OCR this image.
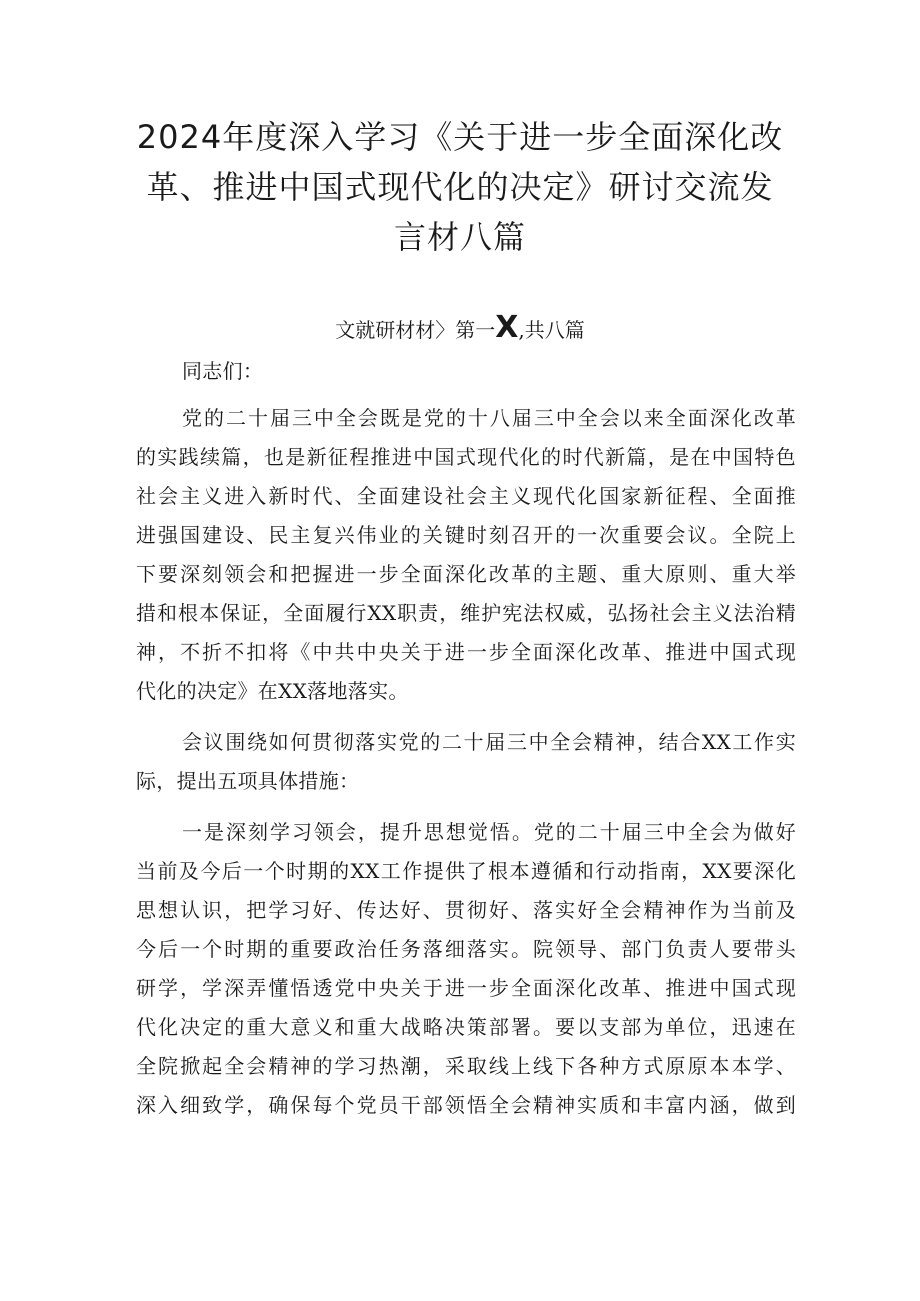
2024年度深入学习《关于进一步全面深化改
革、推进中国式现代化的决定》研讨交流发
言材八篇
文就研材材〉第一X,共八篇
同志们：
党的二十届三中全会既是党的十八届三中全会以来全面深化改革
的实践续篇，也是新征程推进中国式现代化的时代新篇，是在中国特色
社会主义进入新时代、全面建设社会主义现代化国家新征程、全面推
进强国建设、民主复兴伟业的关键时刻召开的一次重要会议。全院上
下要深刻领会和把握进一步全面深化改革的主题、重大原则、重大举
措和根本保证，全面履行XX职责，维护宪法权威，弘扬社会主义法治精
神，不折不扣将《中共中央关于进一步全面深化改革、推进中国式现
代化的决定》在XX落地落实。
会议围绕如何贯彻落实党的二十届三中全会精神，结合XX工作实
际，提出五项具体措施：
一是深刻学习领会，提升思想觉悟。党的二十届三中全会为做好
当前及今后一个时期的XX工作提供了根本遵循和行动指南，XX要深化
思想认识，把学习好、传达好、贯彻好、落实好全会精神作为当前及
今后一个时期的重要政治任务落细落实。院领导、部门负责人要带头
研学，学深弄懂悟透党中央关于进一步全面深化改革、推进中国式现
代化决定的重大意义和重大战略决策部署。要以支部为单位，迅速在
全院掀起全会精神的学习热潮，采取线上线下各种方式原原本本学、
深入细致学，确保每个党员干部领悟全会精神实质和丰富内涵，做到
